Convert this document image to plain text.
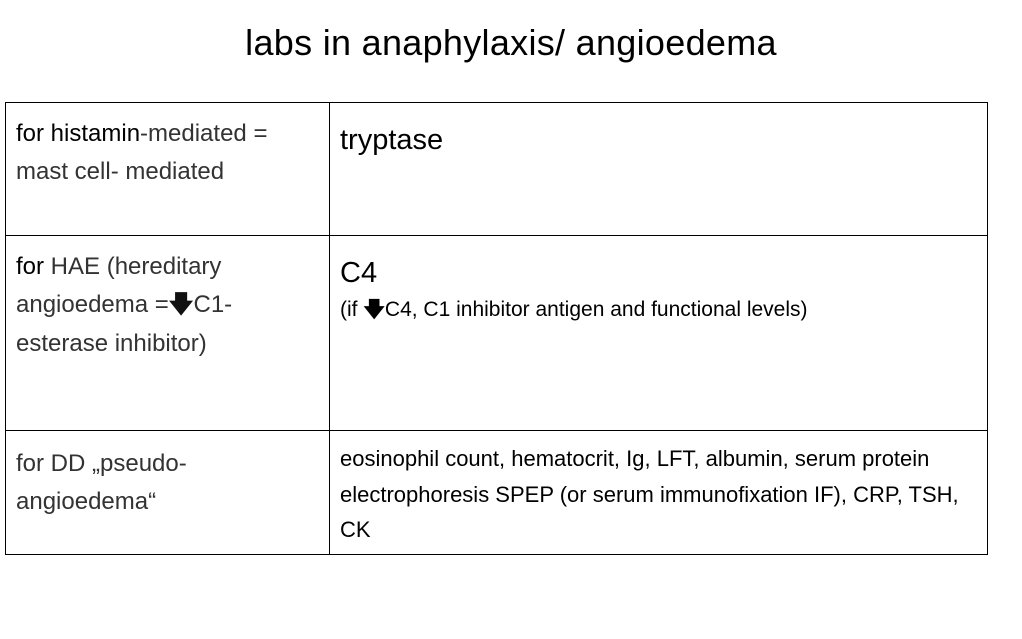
labs in anaphylaxis/ angioedema
for histamin-mediated = mast cell- mediated	tryptase

for HAE (hereditary angioedema =🡇C1-esterase inhibitor)	C4
(if 🡇C4, C1 inhibitor antigen and functional levels)

for DD „pseudo-angioedema“	eosinophil count, hematocrit, Ig, LFT, albumin, serum protein electrophoresis SPEP (or serum immunofixation IF), CRP, TSH, CK
